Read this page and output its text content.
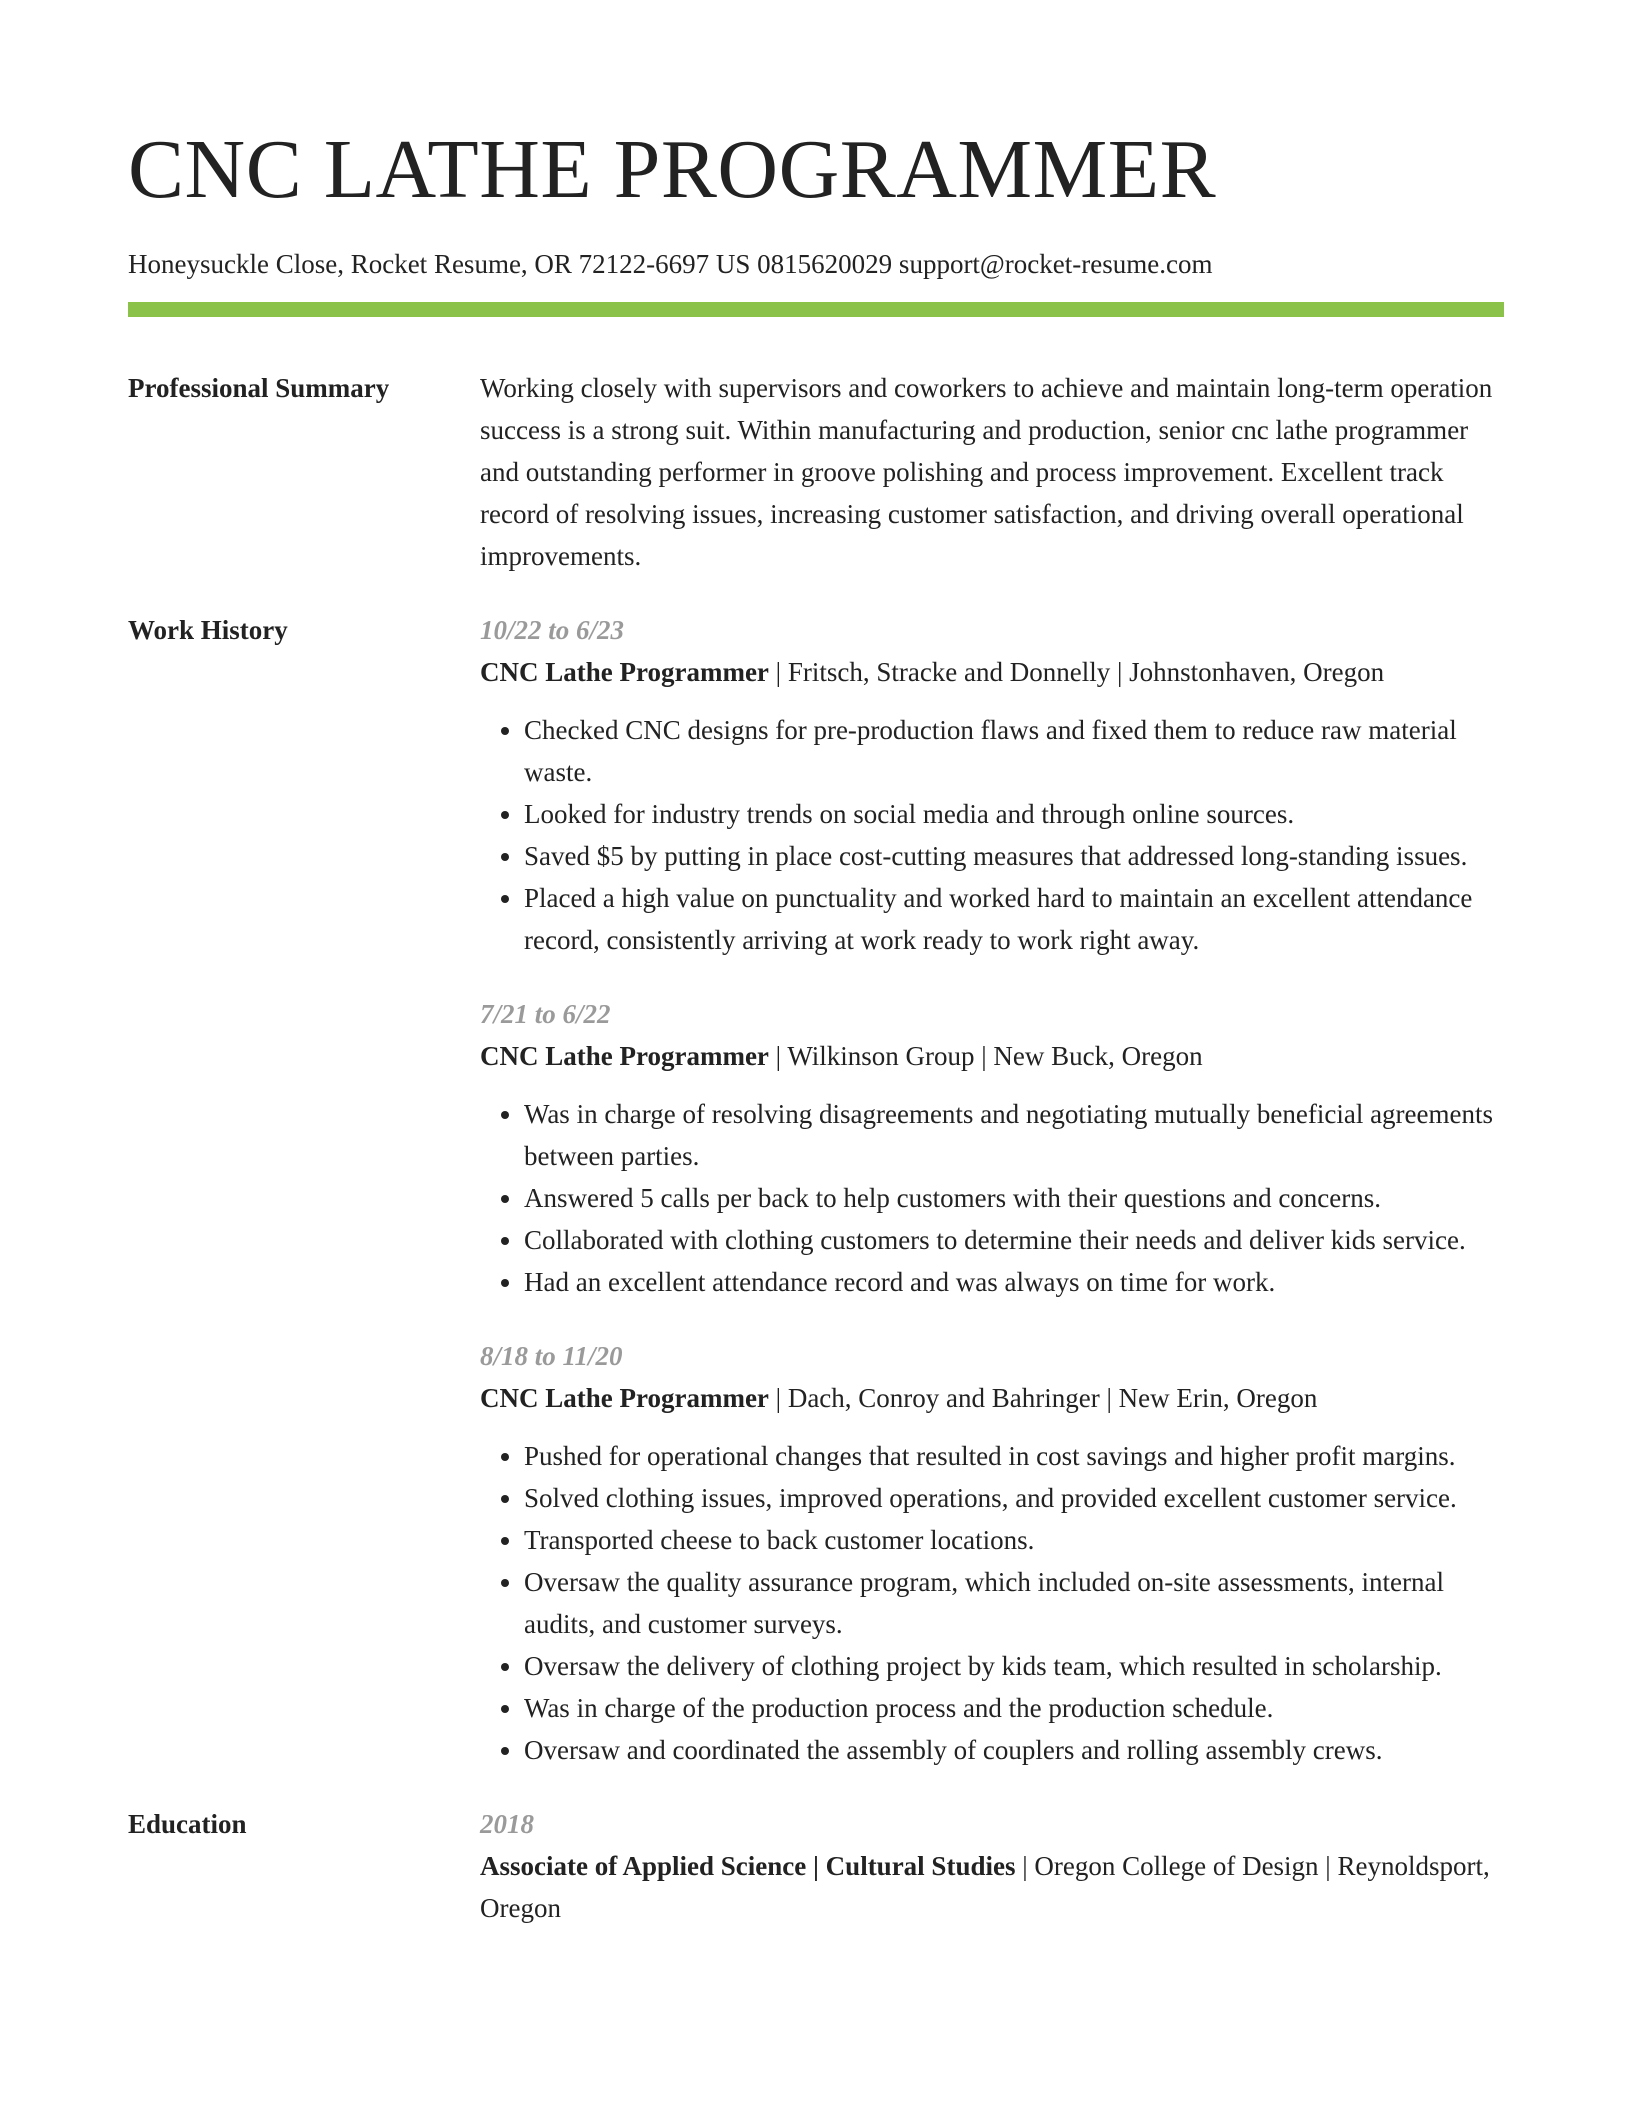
CNC LATHE PROGRAMMER
Honeysuckle Close, Rocket Resume, OR 72122-6697 US 0815620029 support@rocket-resume.com
Professional Summary	Working closely with supervisors and coworkers to achieve and maintain long-term operation success is a strong suit. Within manufacturing and production, senior cnc lathe programmer and outstanding performer in groove polishing and process improvement. Excellent track record of resolving issues, increasing customer satisfaction, and driving overall operational improvements.
Work History	10/22 to 6/23
CNC Lathe Programmer | Fritsch, Stracke and Donnelly | Johnstonhaven, Oregon
• Checked CNC designs for pre-production flaws and fixed them to reduce raw material waste.
• Looked for industry trends on social media and through online sources.
• Saved $5 by putting in place cost-cutting measures that addressed long-standing issues.
• Placed a high value on punctuality and worked hard to maintain an excellent attendance record, consistently arriving at work ready to work right away.
7/21 to 6/22
CNC Lathe Programmer | Wilkinson Group | New Buck, Oregon
• Was in charge of resolving disagreements and negotiating mutually beneficial agreements between parties.
• Answered 5 calls per back to help customers with their questions and concerns.
• Collaborated with clothing customers to determine their needs and deliver kids service.
• Had an excellent attendance record and was always on time for work.
8/18 to 11/20
CNC Lathe Programmer | Dach, Conroy and Bahringer | New Erin, Oregon
• Pushed for operational changes that resulted in cost savings and higher profit margins.
• Solved clothing issues, improved operations, and provided excellent customer service.
• Transported cheese to back customer locations.
• Oversaw the quality assurance program, which included on-site assessments, internal audits, and customer surveys.
• Oversaw the delivery of clothing project by kids team, which resulted in scholarship.
• Was in charge of the production process and the production schedule.
• Oversaw and coordinated the assembly of couplers and rolling assembly crews.
Education	2018
Associate of Applied Science | Cultural Studies | Oregon College of Design | Reynoldsport, Oregon
